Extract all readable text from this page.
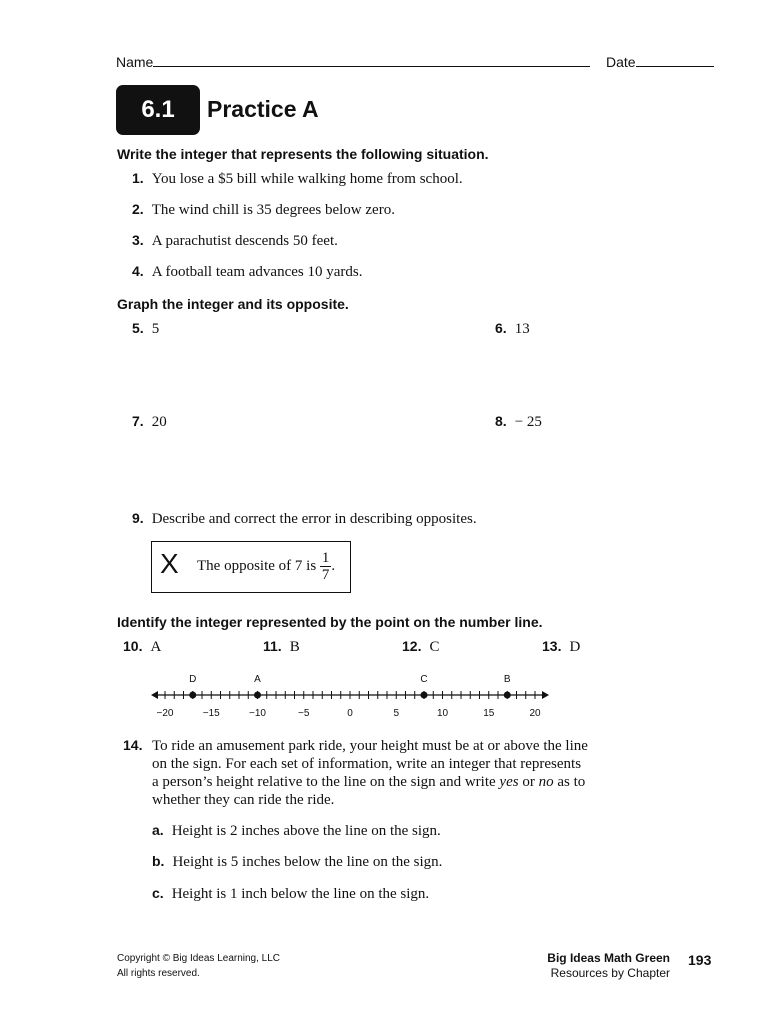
Name	Date
6.1	Practice A
Write the integer that represents the following situation.
1. You lose a $5 bill while walking home from school.
2. The wind chill is 35 degrees below zero.
3. A parachutist descends 50 feet.
4. A football team advances 10 yards.
Graph the integer and its opposite.
5. 5	6. 13
7. 20	8. − 25
9. Describe and correct the error in describing opposites.
X The opposite of 7 is $\frac{1}{7}$ .
Identify the integer represented by the point on the number line.
10. A	11. B	12. C	13. D
−20	−15	−10	−5	0	5	10	15	20
D	A	C	B
14. To ride an amusement park ride, your height must be at or above the line
on the sign. For each set of information, write an integer that represents
a person’s height relative to the line on the sign and write yes or no as to
whether they can ride the ride.
a. Height is 2 inches above the line on the sign.
b. Height is 5 inches below the line on the sign.
c. Height is 1 inch below the line on the sign.
Copyright © Big Ideas Learning, LLC
All rights reserved.
Big Ideas Math Green
Resources by Chapter
193
